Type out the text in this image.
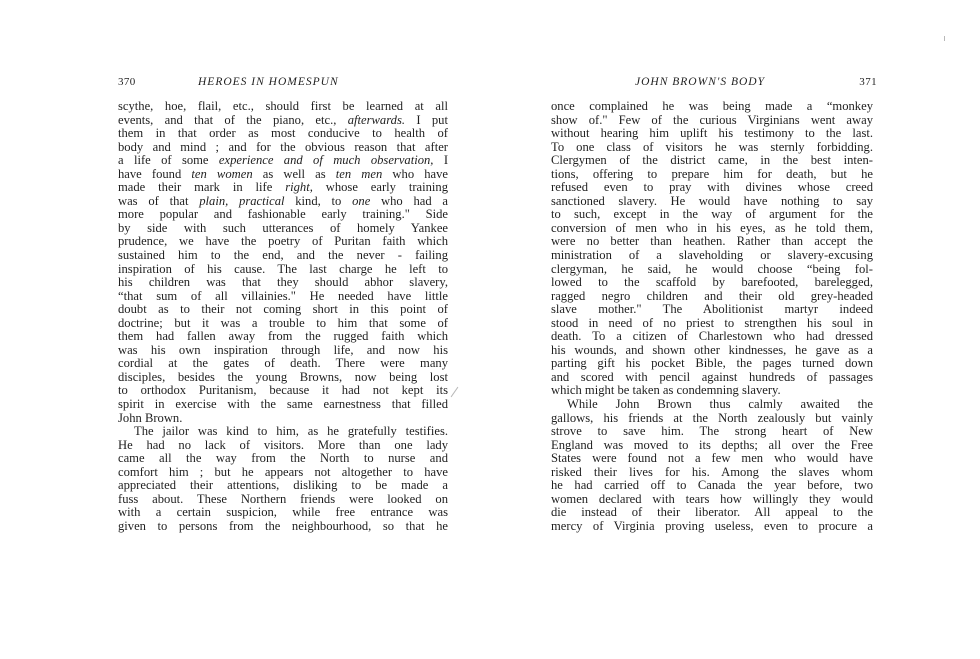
370	HEROES IN HOMESPUN
scythe, hoe, flail, etc., should first be learned at all
events, and that of the piano, etc., afterwards. I put
them in that order as most conducive to health of
body and mind ; and for the obvious reason that after
a life of some experience and of much observation, I
have found ten women as well as ten men who have
made their mark in life right, whose early training
was of that plain, practical kind, to one who had a
more popular and fashionable early training." Side
by side with such utterances of homely Yankee
prudence, we have the poetry of Puritan faith which
sustained him to the end, and the never - failing
inspiration of his cause. The last charge he left to
his children was that they should abhor slavery,
“that sum of all villainies." He needed have little
doubt as to their not coming short in this point of
doctrine; but it was a trouble to him that some of
them had fallen away from the rugged faith which
was his own inspiration through life, and now his
cordial at the gates of death. There were many
disciples, besides the young Browns, now being lost
to orthodox Puritanism, because it had not kept its
spirit in exercise with the same earnestness that filled
John Brown.
The jailor was kind to him, as he gratefully testifies.
He had no lack of visitors. More than one lady
came all the way from the North to nurse and
comfort him ; but he appears not altogether to have
appreciated their attentions, disliking to be made a
fuss about. These Northern friends were looked on
with a certain suspicion, while free entrance was
given to persons from the neighbourhood, so that he
JOHN BROWN'S BODY	371
once complained he was being made a “monkey
show of." Few of the curious Virginians went away
without hearing him uplift his testimony to the last.
To one class of visitors he was sternly forbidding.
Clergymen of the district came, in the best inten-
tions, offering to prepare him for death, but he
refused even to pray with divines whose creed
sanctioned slavery. He would have nothing to say
to such, except in the way of argument for the
conversion of men who in his eyes, as he told them,
were no better than heathen. Rather than accept the
ministration of a slaveholding or slavery-excusing
clergyman, he said, he would choose “being fol-
lowed to the scaffold by barefooted, barelegged,
ragged negro children and their old grey-headed
slave mother." The Abolitionist martyr indeed
stood in need of no priest to strengthen his soul in
death. To a citizen of Charlestown who had dressed
his wounds, and shown other kindnesses, he gave as a
parting gift his pocket Bible, the pages turned down
and scored with pencil against hundreds of passages
which might be taken as condemning slavery.
While John Brown thus calmly awaited the
gallows, his friends at the North zealously but vainly
strove to save him. The strong heart of New
England was moved to its depths; all over the Free
States were found not a few men who would have
risked their lives for his. Among the slaves whom
he had carried off to Canada the year before, two
women declared with tears how willingly they would
die instead of their liberator. All appeal to the
mercy of Virginia proving useless, even to procure a
